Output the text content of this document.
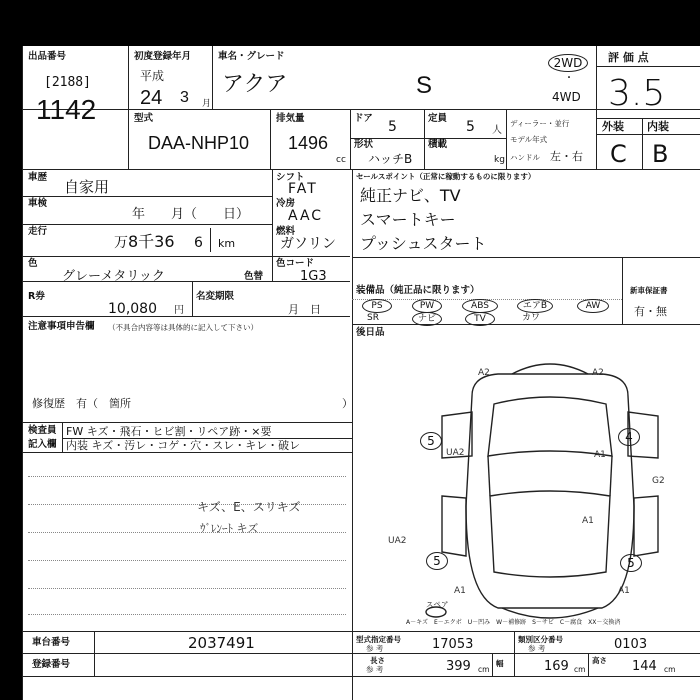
出品番号
[2188]
1142
初度登録年月
平成
24 3 月
車名・グレード
アクア	S
2WD
・
4WD
評 価 点
3.5
外装 内装
C B
型式
DAA-NHP10
排気量
1496
cc
ドア
5
定員
5 人
形状
ハッチB
積載
kg
ディーラー・並行
モデル年式
ハンドル 左・右
車歴
自家用
車検
年　　月（　　日）
走行
万 8千36 6 km
色
グレーメタリック	色替
色コード
1G3
R券
10,080 円
名変期限
月　日
注意事項申告欄 （不具合内容等は具体的に記入して下さい）
修復歴　有（　箇所	）
シフト
FAT
冷房
AAC
燃料
ガソリン
セールスポイント（正常に稼動するものに限ります）
純正ナビ、TV
スマートキー
プッシュスタート
装備品（純正品に限ります）	新車保証書
有・無
PS	PW	ABS	エアB	AW
SR	ナビ	TV	カワ
後日品
検査員
記入欄
FW キズ・飛石・ヒビ割・リペア跡・×要
内装 キズ・汚レ・コゲ・穴・スレ・キレ・破レ
キズ、E、スリキズ
ｳﾞﾚﾝｰﾄ キズ
スペア
A2	A2
5	4
UA2	A1
G2
A1
UA2
5	5
A1	A1
A－キズ　E－エクボ　U－凹み　W－補修跡　S－サビ　C－腐食　XX－交換済
車台番号	2037491
登録番号
型式指定番号
参 考	17053	類別区分番号
参 考	0103
長さ
参 考	399 cm
幅	169 cm
高さ 144 cm
